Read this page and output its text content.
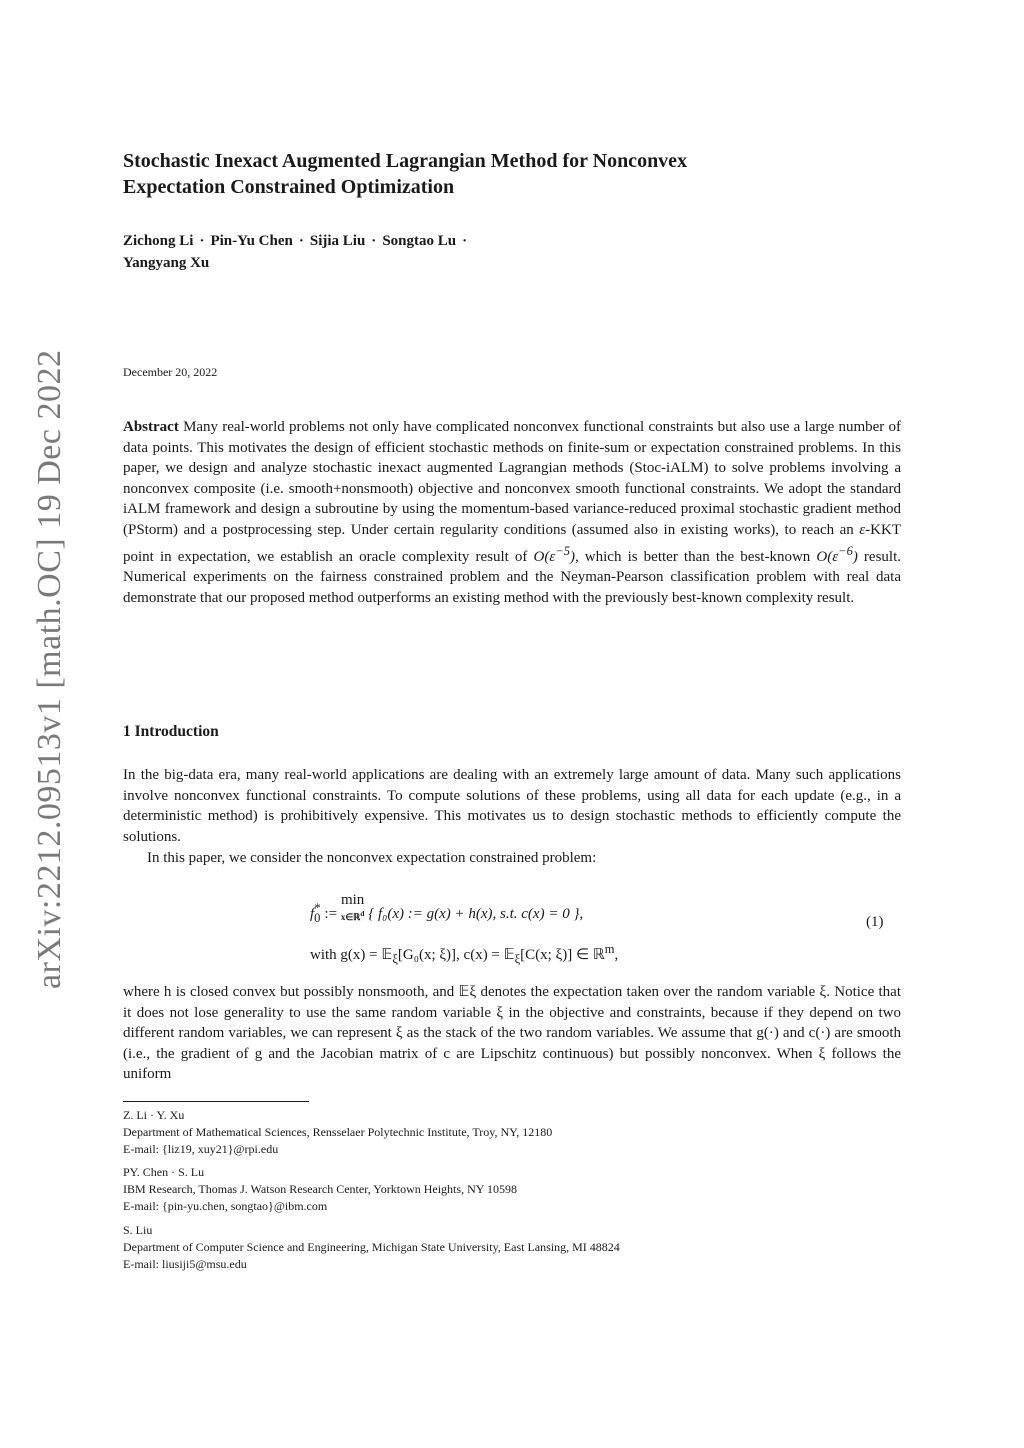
arXiv:2212.09513v1 [math.OC] 19 Dec 2022
Stochastic Inexact Augmented Lagrangian Method for Nonconvex
Expectation Constrained Optimization
Zichong Li · Pin-Yu Chen · Sijia Liu · Songtao Lu ·
Yangyang Xu
December 20, 2022
Abstract Many real-world problems not only have complicated nonconvex functional constraints but also use a large number of data points. This motivates the design of efficient stochastic methods on finite-sum or expectation constrained problems. In this paper, we design and analyze stochastic inexact augmented Lagrangian methods (Stoc-iALM) to solve problems involving a nonconvex composite (i.e. smooth+nonsmooth) objective and nonconvex smooth functional constraints. We adopt the standard iALM framework and design a subroutine by using the momentum-based variance-reduced proximal stochastic gradient method (PStorm) and a postprocessing step. Under certain regularity conditions (assumed also in existing works), to reach an ε-KKT point in expectation, we establish an oracle complexity result of $O(\varepsilon^{-5})$, which is better than the best-known $O(\varepsilon^{-6})$ result. Numerical experiments on the fairness constrained problem and the Neyman-Pearson classification problem with real data demonstrate that our proposed method outperforms an existing method with the previously best-known complexity result.
1 Introduction
In the big-data era, many real-world applications are dealing with an extremely large amount of data. Many such applications involve nonconvex functional constraints. To compute solutions of these problems, using all data for each update (e.g., in a deterministic method) is prohibitively expensive. This motivates us to design stochastic methods to efficiently compute the solutions.
In this paper, we consider the nonconvex expectation constrained problem:
$f_0^*$ := min
x∈ℝ$^d$ { f₀(x) := g(x) + h(x), s.t. c(x) = 0 },
with g(x) = 𝔼$_\xi$[G₀(x; ξ)], c(x) = 𝔼$_\xi$[C(x; ξ)] ∈ ℝ$^m$,
(1)
where h is closed convex but possibly nonsmooth, and 𝔼ξ denotes the expectation taken over the random variable ξ. Notice that it does not lose generality to use the same random variable ξ in the objective and constraints, because if they depend on two different random variables, we can represent ξ as the stack of the two random variables. We assume that g(·) and c(·) are smooth (i.e., the gradient of g and the Jacobian matrix of c are Lipschitz continuous) but possibly nonconvex. When ξ follows the uniform
Z. Li · Y. Xu
Department of Mathematical Sciences, Rensselaer Polytechnic Institute, Troy, NY, 12180
E-mail: {liz19, xuy21}@rpi.edu
PY. Chen · S. Lu
IBM Research, Thomas J. Watson Research Center, Yorktown Heights, NY 10598
E-mail: {pin-yu.chen, songtao}@ibm.com
S. Liu
Department of Computer Science and Engineering, Michigan State University, East Lansing, MI 48824
E-mail: liusiji5@msu.edu
